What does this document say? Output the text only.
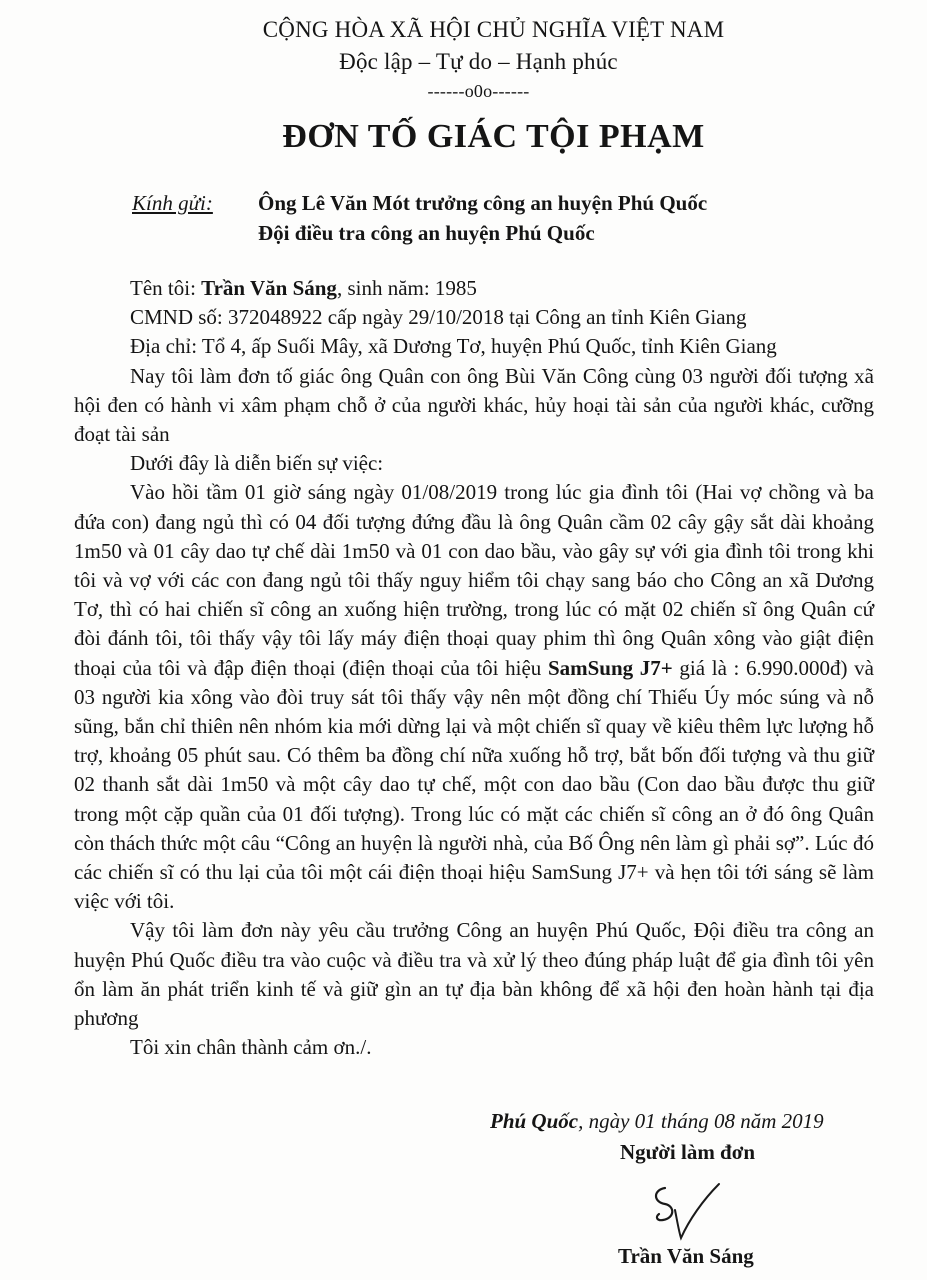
CỘNG HÒA XÃ HỘI CHỦ NGHĨA VIỆT NAM
Độc lập – Tự do – Hạnh phúc
------o0o------
ĐƠN TỐ GIÁC TỘI PHẠM
Kính gửi: Ông Lê Văn Mót trưởng công an huyện Phú Quốc
Đội điều tra công an huyện Phú Quốc

Tên tôi: Trần Văn Sáng, sinh năm: 1985

CMND số: 372048922 cấp ngày 29/10/2018 tại Công an tỉnh Kiên Giang

Địa chỉ: Tổ 4, ấp Suối Mây, xã Dương Tơ, huyện Phú Quốc, tỉnh Kiên Giang

Nay tôi làm đơn tố giác ông Quân con ông Bùi Văn Công cùng 03 người đối tượng xã hội đen có hành vi xâm phạm chỗ ở của người khác, hủy hoại tài sản của người khác, cưỡng đoạt tài sản

Dưới đây là diễn biến sự việc:

Vào hồi tầm 01 giờ sáng ngày 01/08/2019 trong lúc gia đình tôi (Hai vợ chồng và ba đứa con) đang ngủ thì có 04 đối tượng đứng đầu là ông Quân cầm 02 cây gậy sắt dài khoảng 1m50 và 01 cây dao tự chế dài 1m50 và 01 con dao bầu, vào gây sự với gia đình tôi trong khi tôi và vợ với các con đang ngủ tôi thấy nguy hiểm tôi chạy sang báo cho Công an xã Dương Tơ, thì có hai chiến sĩ công an xuống hiện trường, trong lúc có mặt 02 chiến sĩ ông Quân cứ đòi đánh tôi, tôi thấy vậy tôi lấy máy điện thoại quay phim thì ông Quân xông vào giật điện thoại của tôi và đập điện thoại (điện thoại của tôi hiệu SamSung J7+ giá là : 6.990.000đ) và 03 người kia xông vào đòi truy sát tôi thấy vậy nên một đồng chí Thiếu Úy móc súng và nỗ sũng, bắn chỉ thiên nên nhóm kia mới dừng lại và một chiến sĩ quay về kiêu thêm lực lượng hỗ trợ, khoảng 05 phút sau. Có thêm ba đồng chí nữa xuống hỗ trợ, bắt bốn đối tượng và thu giữ 02 thanh sắt dài 1m50 và một cây dao tự chế, một con dao bầu (Con dao bầu được thu giữ trong một cặp quần của 01 đối tượng). Trong lúc có mặt các chiến sĩ công an ở đó ông Quân còn thách thức một câu “Công an huyện là người nhà, của Bố Ông nên làm gì phải sợ”. Lúc đó các chiến sĩ có thu lại của tôi một cái điện thoại hiệu SamSung J7+ và hẹn tôi tới sáng sẽ làm việc với tôi.

Vậy tôi làm đơn này yêu cầu trưởng Công an huyện Phú Quốc, Đội điều tra công an huyện Phú Quốc điều tra vào cuộc và điều tra và xử lý theo đúng pháp luật để gia đình tôi yên ổn làm ăn phát triển kinh tế và giữ gìn an tự địa bàn không để xã hội đen hoàn hành tại địa phương

Tôi xin chân thành cảm ơn./.

Phú Quốc, ngày 01 tháng 08 năm 2019
Người làm đơn
Trần Văn Sáng
